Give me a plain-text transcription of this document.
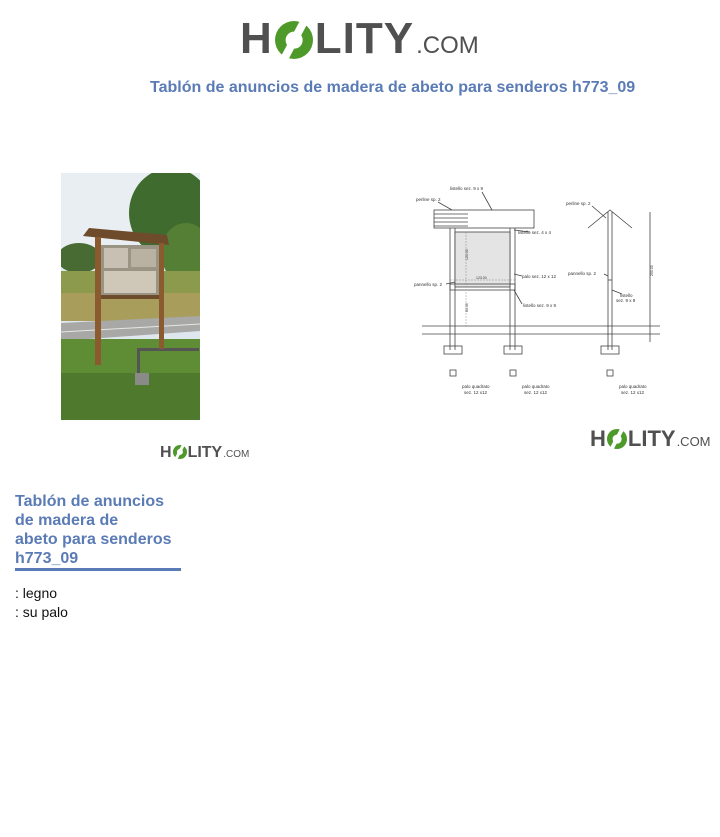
H LITY .COM
Tablón de anuncios de madera de abeto para senderos h773_09
H LITY .COM
listello sez. 9 x 9
perline sp. 2
listello sez. 4 x 4
palo sez. 12 x 12
pannello sp. 2
listello sez. 9 x 9
perline sp. 2
pannello sp. 2
listello
sez. 9 x 9
palo quadrato
sez. 12 x12
palo quadrato
sez. 12 x12
palo quadrato
sez. 12 x12
123.00
120.00
80.00
250.00
H LITY .COM
Tablón de anuncios
de madera de
abeto para senderos
h773_09
: legno
: su palo
